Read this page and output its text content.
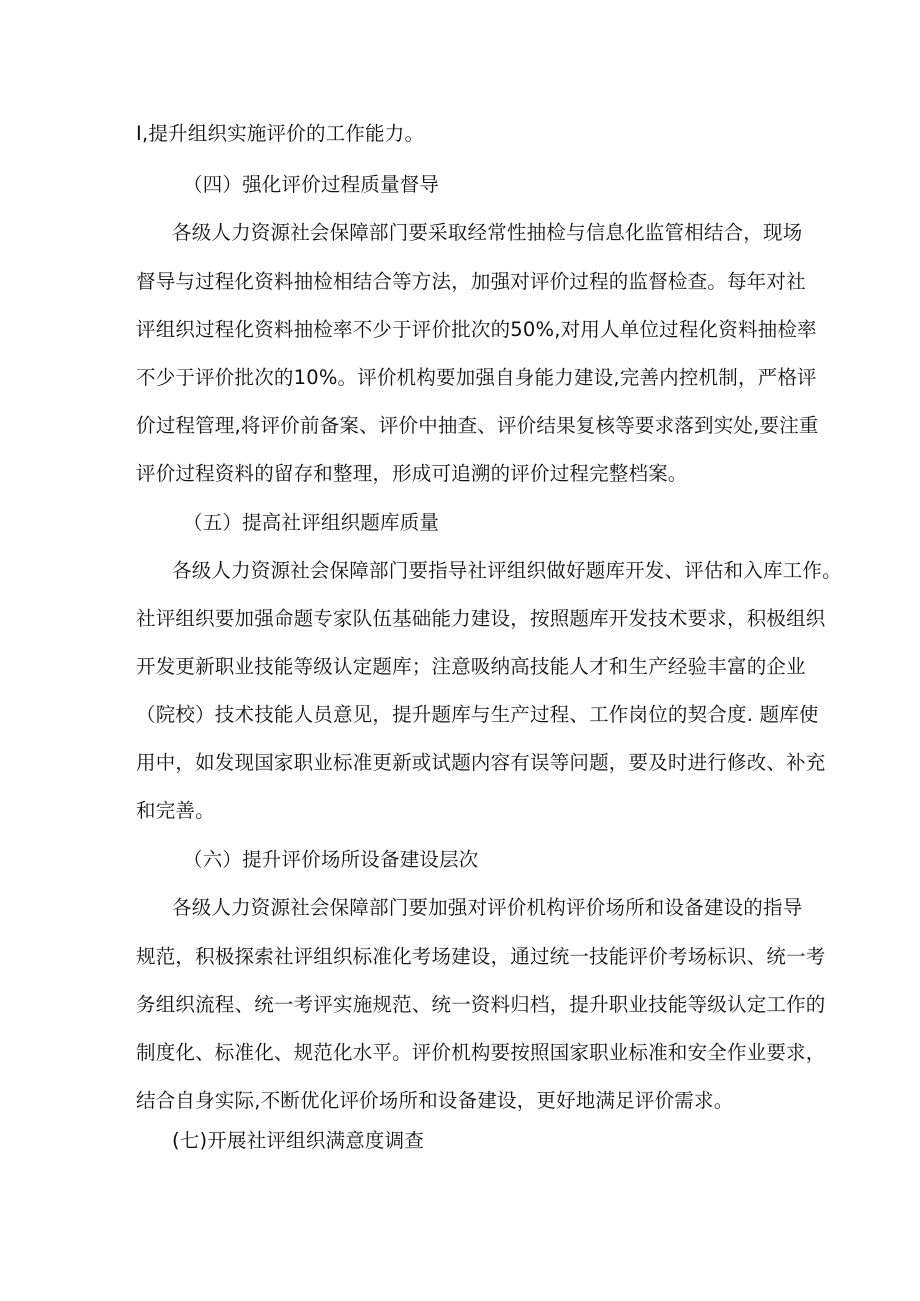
I,提升组织实施评价的工作能力。
（四）强化评价过程质量督导
各级人力资源社会保障部门要采取经常性抽检与信息化监管相结合，现场
督导与过程化资料抽检相结合等方法，加强对评价过程的监督检查。每年对社
评组织过程化资料抽检率不少于评价批次的50%,对用人单位过程化资料抽检率
不少于评价批次的10%。评价机构要加强自身能力建设,完善内控机制，严格评
价过程管理,将评价前备案、评价中抽查、评价结果复核等要求落到实处,要注重
评价过程资料的留存和整理，形成可追溯的评价过程完整档案。
（五）提高社评组织题库质量
各级人力资源社会保障部门要指导社评组织做好题库开发、评估和入库工作。
社评组织要加强命题专家队伍基础能力建设，按照题库开发技术要求，积极组织
开发更新职业技能等级认定题库；注意吸纳高技能人才和生产经验丰富的企业
（院校）技术技能人员意见，提升题库与生产过程、工作岗位的契合度. 题库使
用中，如发现国家职业标准更新或试题内容有误等问题，要及时进行修改、补充
和完善。
（六）提升评价场所设备建设层次
各级人力资源社会保障部门要加强对评价机构评价场所和设备建设的指导
规范，积极探索社评组织标准化考场建设，通过统一技能评价考场标识、统一考
务组织流程、统一考评实施规范、统一资料归档，提升职业技能等级认定工作的
制度化、标准化、规范化水平。评价机构要按照国家职业标准和安全作业要求，
结合自身实际,不断优化评价场所和设备建设，更好地满足评价需求。
(七)开展社评组织满意度调查
